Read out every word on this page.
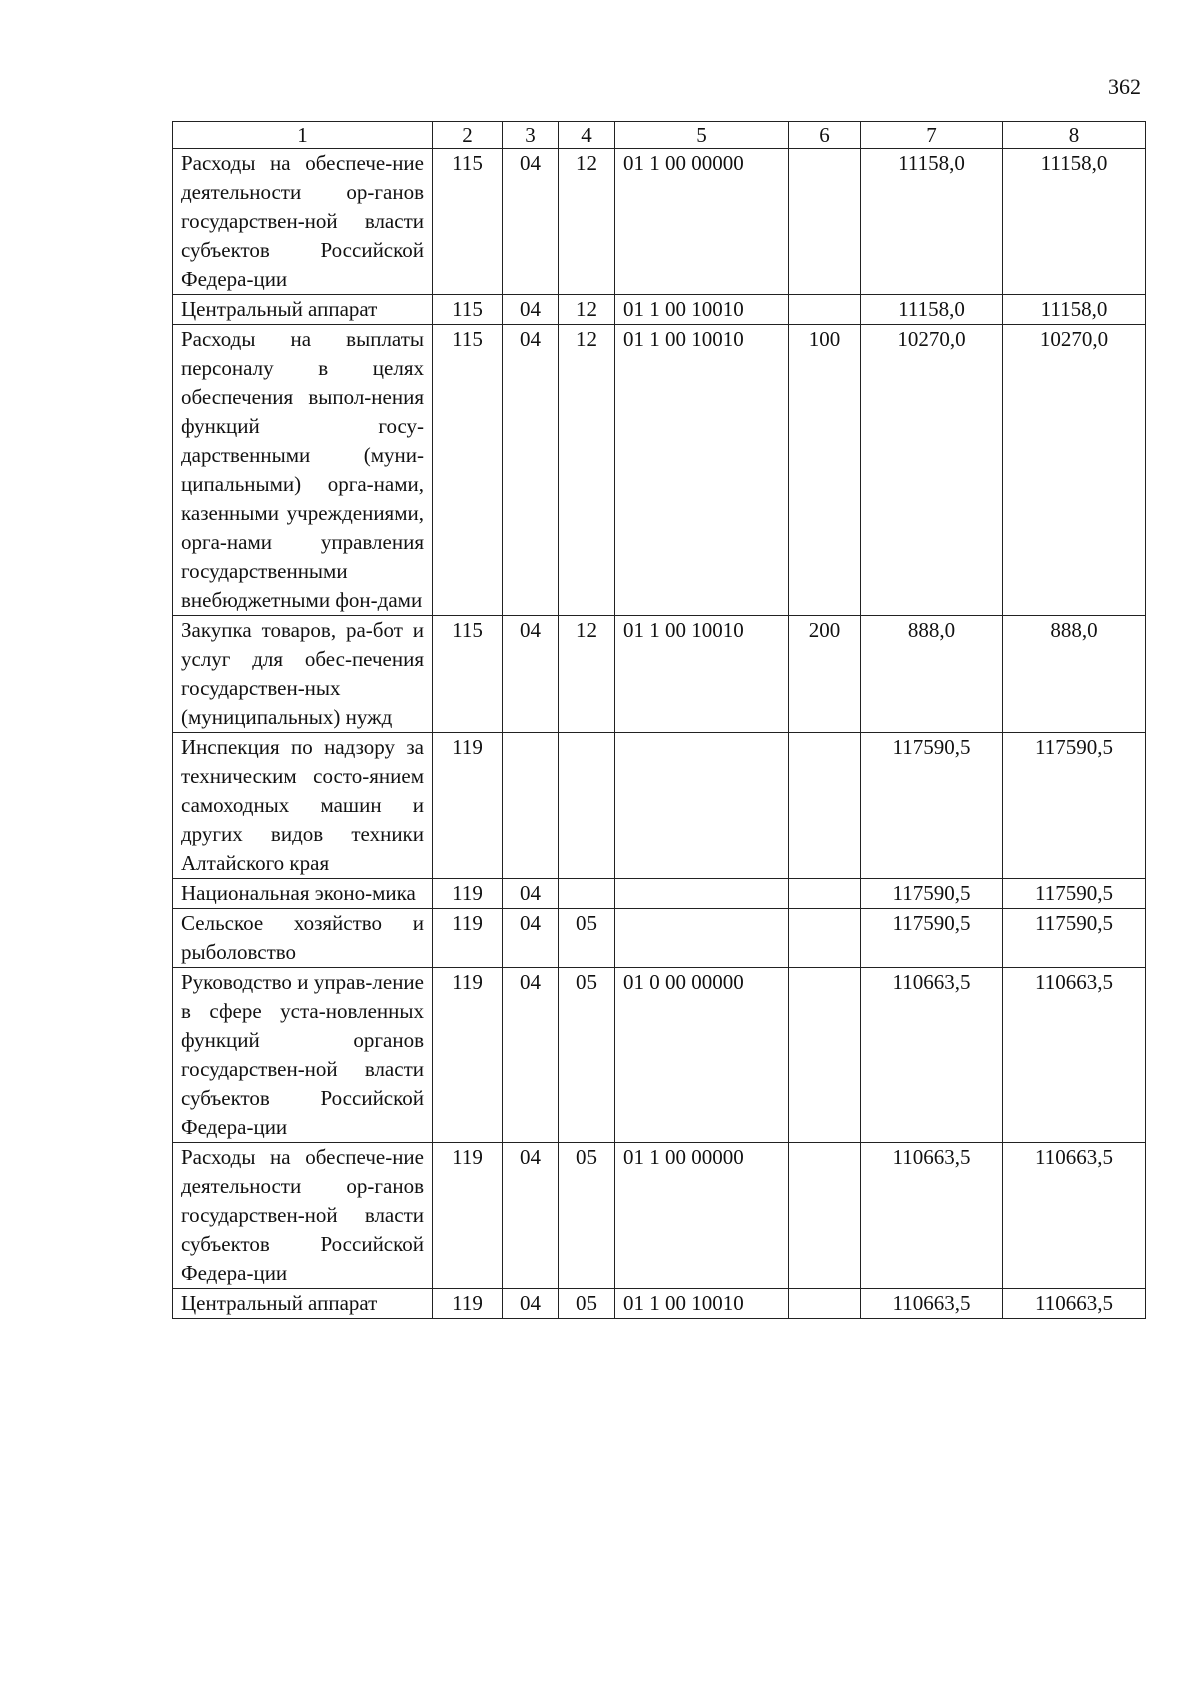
362
1	2	3	4	5	6	7	8
Расходы на обеспече-ние деятельности ор-ганов государствен-ной власти субъектов Российской Федера-ции	115	04	12	01 1 00 00000		11158,0	11158,0
Центральный аппарат	115	04	12	01 1 00 10010		11158,0	11158,0
Расходы на выплаты персоналу в целях обеспечения выпол-нения функций госу-дарственными (муни-ципальными) орга-нами, казенными учреждениями, орга-нами управления государственными внебюджетными фон-дами	115	04	12	01 1 00 10010	100	10270,0	10270,0
Закупка товаров, ра-бот и услуг для обес-печения государствен-ных (муниципальных) нужд	115	04	12	01 1 00 10010	200	888,0	888,0
Инспекция по надзору за техническим состо-янием самоходных машин и других видов техники Алтайского края	119					117590,5	117590,5
Национальная эконо-мика	119	04				117590,5	117590,5
Сельское хозяйство и рыболовство	119	04	05			117590,5	117590,5
Руководство и управ-ление в сфере уста-новленных функций органов государствен-ной власти субъектов Российской Федера-ции	119	04	05	01 0 00 00000		110663,5	110663,5
Расходы на обеспече-ние деятельности ор-ганов государствен-ной власти субъектов Российской Федера-ции	119	04	05	01 1 00 00000		110663,5	110663,5
Центральный аппарат	119	04	05	01 1 00 10010		110663,5	110663,5
